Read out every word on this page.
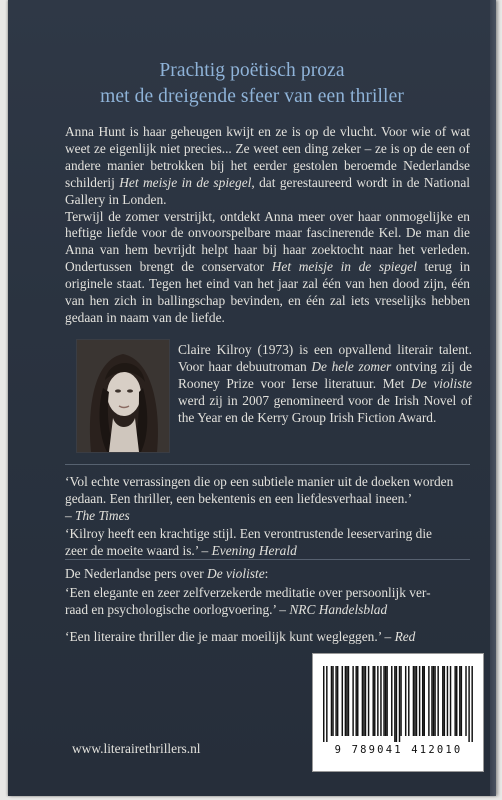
Prachtig poëtisch proza
met de dreigende sfeer van een thriller

Anna Hunt is haar geheugen kwijt en ze is op de vlucht. Voor wie of wat weet ze eigenlijk niet precies... Ze weet een ding zeker – ze is op de een of andere manier betrokken bij het eerder gestolen beroemde Nederlandse schilderij Het meisje in de spiegel, dat gerestaureerd wordt in de National Gallery in Londen.

Terwijl de zomer verstrijkt, ontdekt Anna meer over haar onmogelijke en heftige liefde voor de onvoorspelbare maar fascinerende Kel. De man die Anna van hem bevrijdt helpt haar bij haar zoektocht naar het verleden. Ondertussen brengt de conservator Het meisje in de spiegel terug in originele staat. Tegen het eind van het jaar zal één van hen dood zijn, één van hen zich in ballingschap bevinden, en één zal iets vreselijks hebben gedaan in naam van de liefde.

Claire Kilroy (1973) is een opvallend literair talent. Voor haar debuutroman De hele zomer ontving zij de Rooney Prize voor Ierse literatuur. Met De violiste werd zij in 2007 genomineerd voor de Irish Novel of the Year en de Kerry Group Irish Fiction Award.
‘Vol echte verrassingen die op een subtiele manier uit de doeken worden
gedaan. Een thriller, een bekentenis en een liefdesverhaal ineen.’
– The Times
‘Kilroy heeft een krachtige stijl. Een verontrustende leeservaring die
zeer de moeite waard is.’ – Evening Herald
De Nederlandse pers over De violiste:
‘Een elegante en zeer zelfverzekerde meditatie over persoonlijk ver-
raad en psychologische oorlogvoering.’ – NRC Handelsblad
‘Een literaire thriller die je maar moeilijk kunt wegleggen.’ – Red
www.literairethrillers.nl	9 789041 412010
